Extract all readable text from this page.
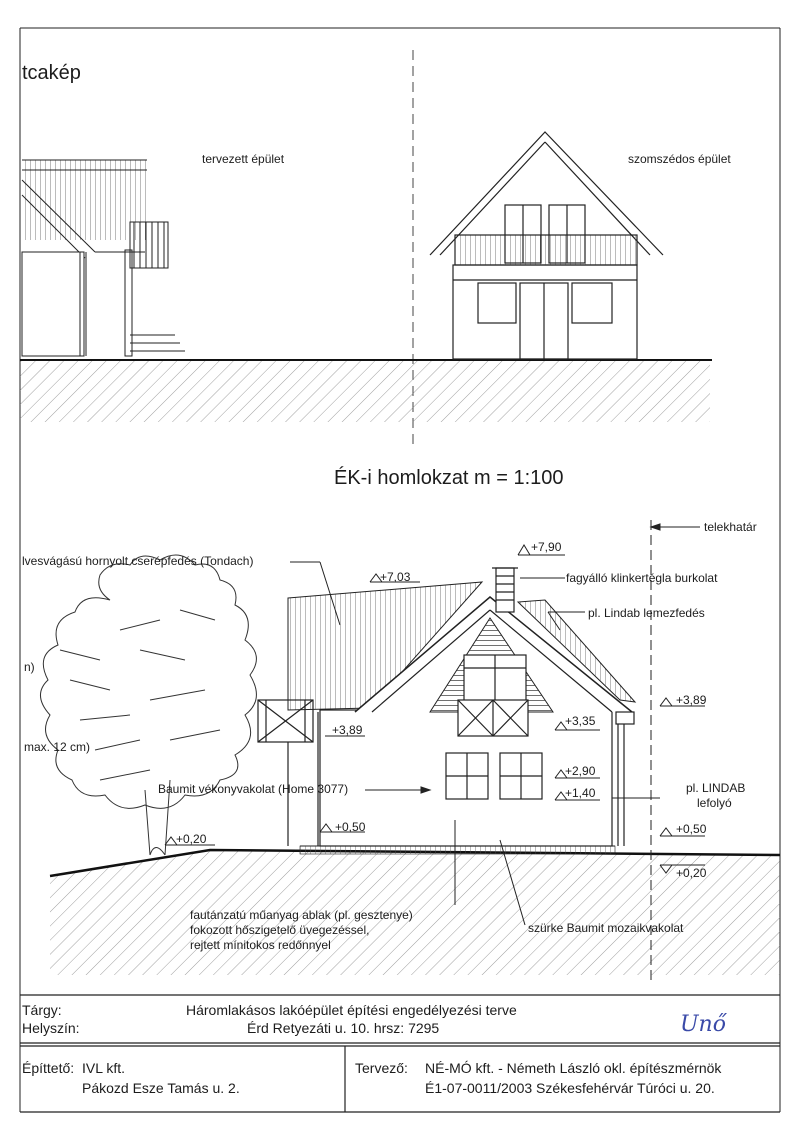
tcakép
tervezett épület	szomszédos épület
ÉK-i homlokzat m = 1:100
lvesvágású hornyolt cserépfedés (Tondach)
fagyálló klinkertégla burkolat
pl. Lindab lemezfedés
telekhatár
Baumit vékonyvakolat (Home 3077)	pl. LINDAB
lefolyó
fautánzatú műanyag ablak (pl. gesztenye)
fokozott hőszigetelő üvegezéssel,
rejtett mínitokos redőnnyel
szürke Baumit mozaikvakolat
max. 12 cm)
n)
+7,90
+7,03
+3,89
+3,35
+3,89
+2,90
+1,40
+0,50	+0,50
+0,20
+0,20
Tárgy:	Háromlakásos lakóépület építési engedélyezési terve
Helyszín:	Érd Retyezáti u. 10. hrsz: 7295	Unő
Építtető: IVL kft.
Pákozd Esze Tamás u. 2.
Tervező: NÉ-MÓ kft. - Németh László okl. építészmérnök
É1-07-0011/2003 Székesfehérvár Túróci u. 20.
